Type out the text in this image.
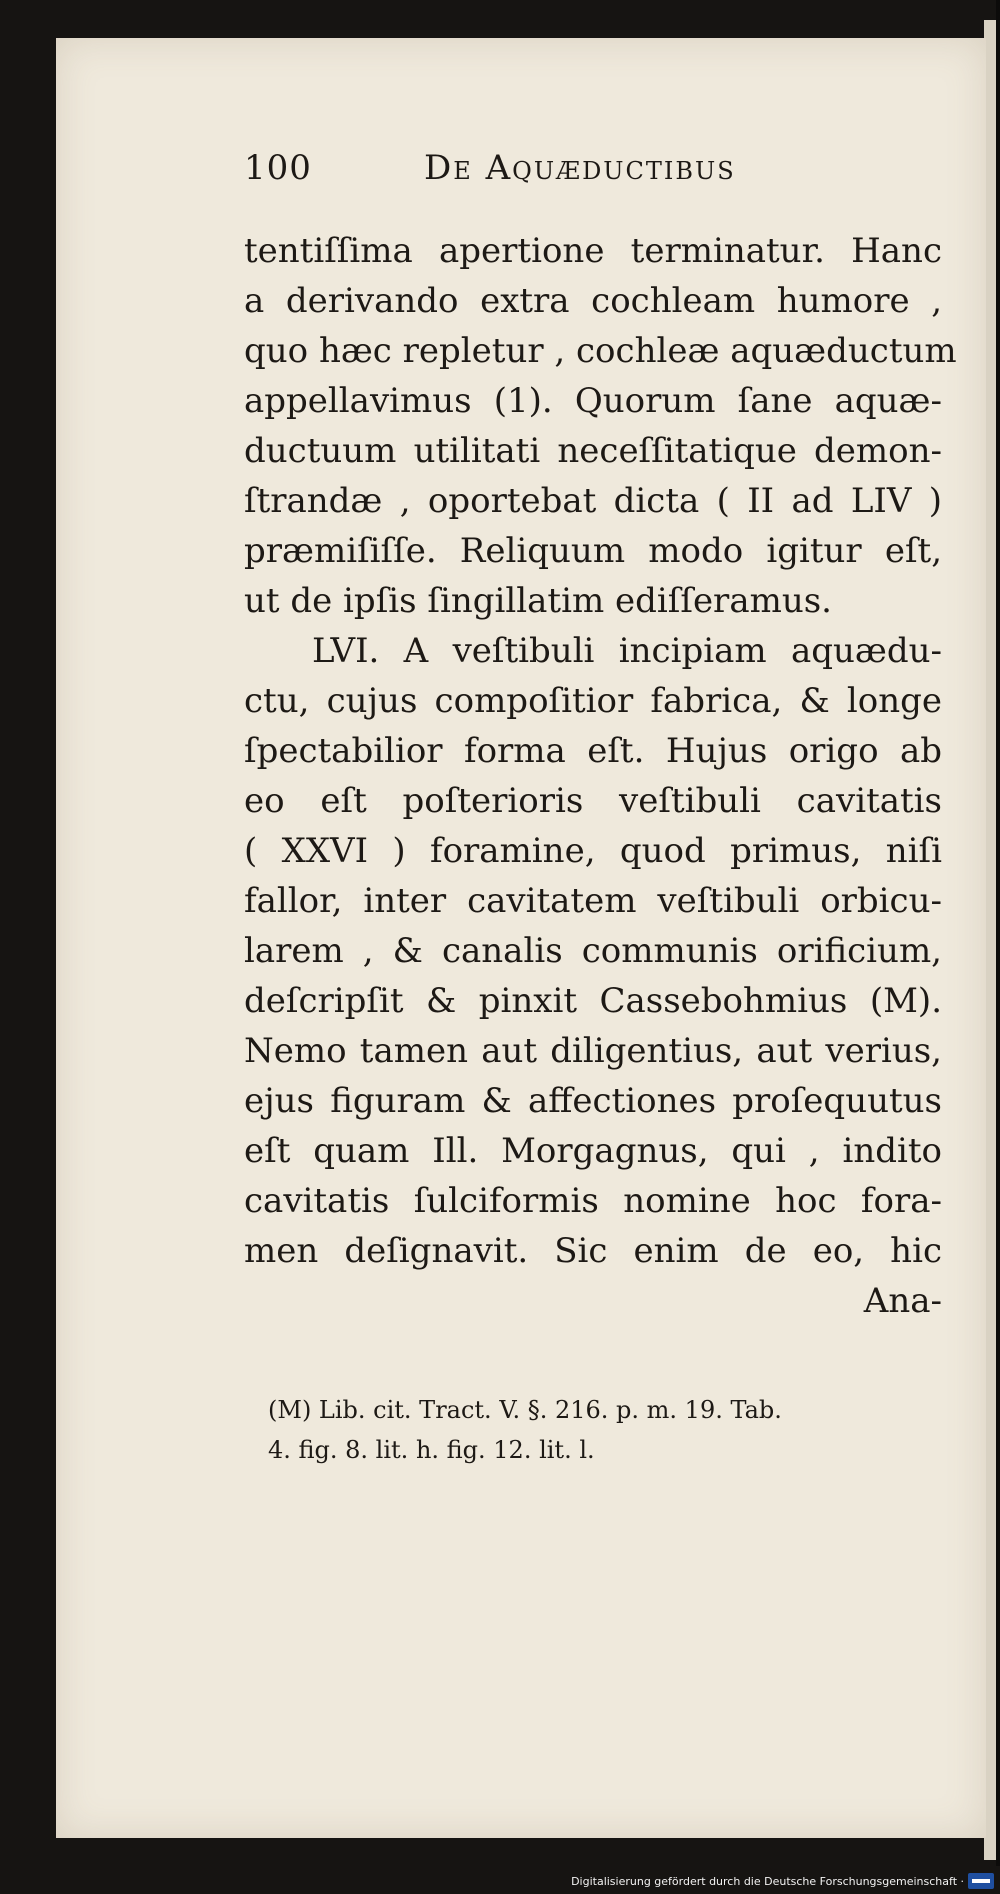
100	De Aquæductibus
tentiſſima apertione terminatur. Hanc
a derivando extra cochleam humore ,
quo hæc repletur , cochleæ aquæductum
appellavimus (1). Quorum ſane aquæ-
ductuum utilitati neceſſitatique demon-
ſtrandæ , oportebat dicta ( II ad LIV )
præmiſiſſe. Reliquum modo igitur eſt,
ut de ipſis ſingillatim ediſſeramus.
LVI. A veſtibuli incipiam aquædu-
ctu, cujus compoſitior fabrica, & longe
ſpectabilior forma eſt. Hujus origo ab
eo eſt poſterioris veſtibuli cavitatis
( XXVI ) foramine, quod primus, niſi
fallor, inter cavitatem veſtibuli orbicu-
larem , & canalis communis orificium,
deſcripſit & pinxit Cassebohmius (M).
Nemo tamen aut diligentius, aut verius,
ejus figuram & affectiones proſequutus
eſt quam Ill. Morgagnus, qui , indito
cavitatis ſulciformis nomine hoc fora-
men deſignavit. Sic enim de eo, hic
Ana-
(M) Lib. cit. Tract. V. §. 216. p. m. 19. Tab.
4. fig. 8. lit. h. fig. 12. lit. l.
Digitalisierung gefördert durch die Deutsche Forschungsgemeinschaft ·
